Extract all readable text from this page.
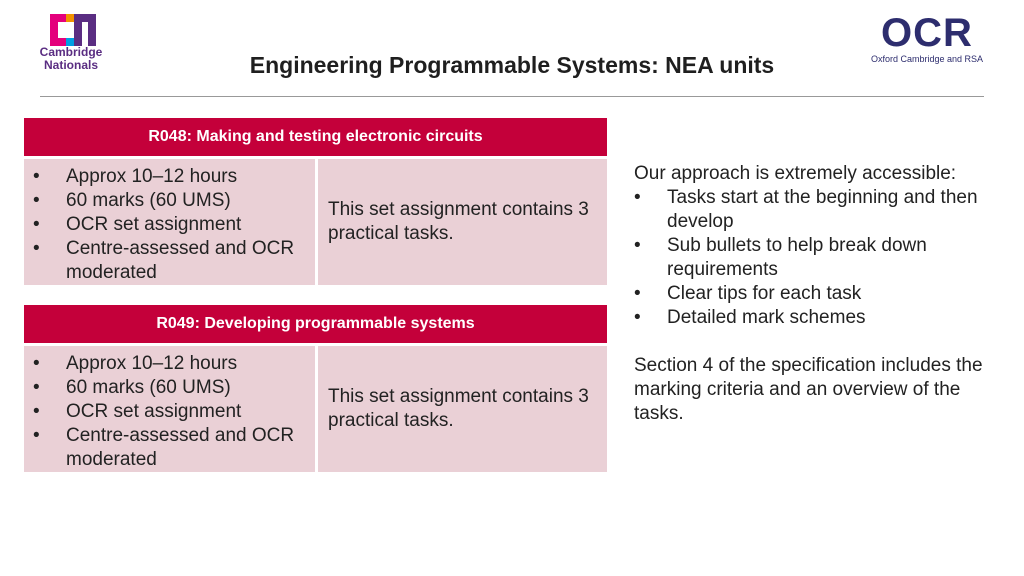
Cambridge
Nationals
OCR
Oxford Cambridge and RSA
Engineering Programmable Systems: NEA units
R048: Making and testing electronic circuits
• Approx 10–12 hours
• 60 marks (60 UMS)
• OCR set assignment
• Centre-assessed and OCR moderated
This set assignment contains 3 practical tasks.
R049: Developing programmable systems
• Approx 10–12 hours
• 60 marks (60 UMS)
• OCR set assignment
• Centre-assessed and OCR moderated
This set assignment contains 3 practical tasks.
Our approach is extremely accessible:
• Tasks start at the beginning and then develop
• Sub bullets to help break down requirements
• Clear tips for each task
• Detailed mark schemes
Section 4 of the specification includes the marking criteria and an overview of the tasks.
